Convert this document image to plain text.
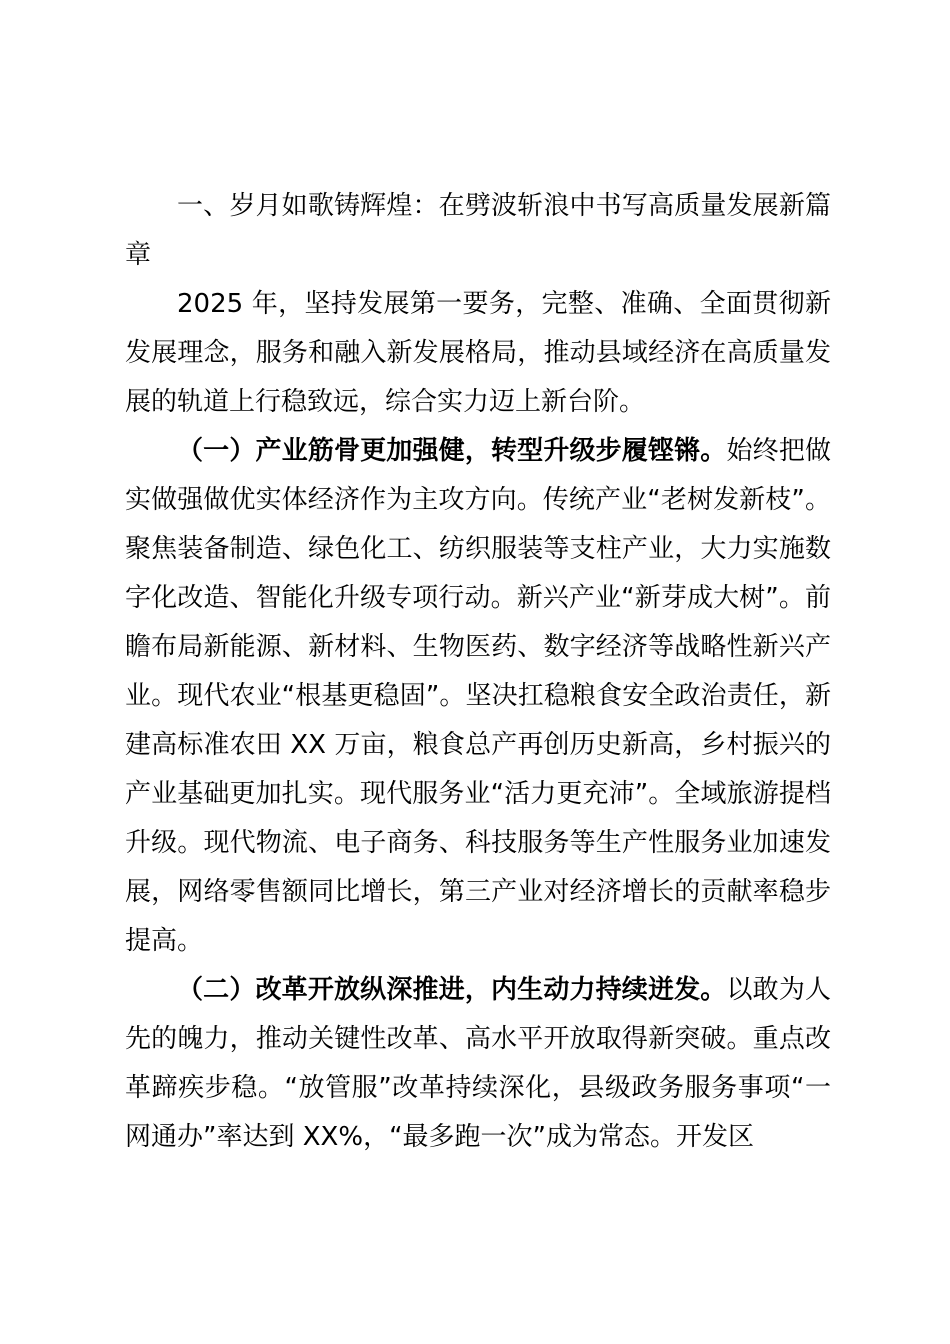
一、岁月如歌铸辉煌：在劈波斩浪中书写高质量发展新篇章

2025 年，坚持发展第一要务，完整、准确、全面贯彻新发展理念，服务和融入新发展格局，推动县域经济在高质量发展的轨道上行稳致远，综合实力迈上新台阶。

（一）产业筋骨更加强健，转型升级步履铿锵。始终把做实做强做优实体经济作为主攻方向。传统产业“老树发新枝”。聚焦装备制造、绿色化工、纺织服装等支柱产业，大力实施数字化改造、智能化升级专项行动。新兴产业“新芽成大树”。前瞻布局新能源、新材料、生物医药、数字经济等战略性新兴产业。现代农业“根基更稳固”。坚决扛稳粮食安全政治责任，新建高标准农田 XX 万亩，粮食总产再创历史新高，乡村振兴的产业基础更加扎实。现代服务业“活力更充沛”。全域旅游提档升级。现代物流、电子商务、科技服务等生产性服务业加速发展，网络零售额同比增长，第三产业对经济增长的贡献率稳步提高。

（二）改革开放纵深推进，内生动力持续迸发。以敢为人先的魄力，推动关键性改革、高水平开放取得新突破。重点改革蹄疾步稳。“放管服”改革持续深化，县级政务服务事项“一网通办”率达到 XX%，“最多跑一次”成为常态。开发区
